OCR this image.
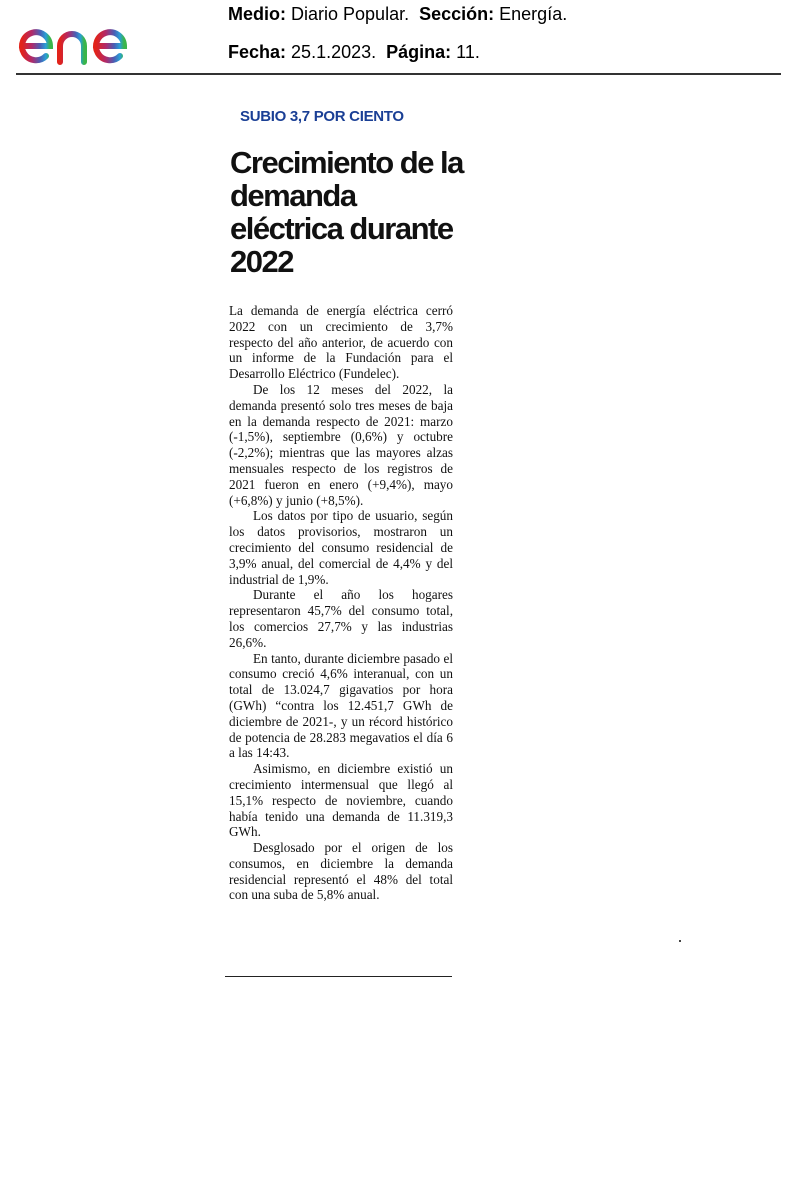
Medio: Diario Popular. Sección: Energía.
Fecha: 25.1.2023. Página: 11.
SUBIO 3,7 POR CIENTO
Crecimiento de la demanda eléctrica durante 2022

La demanda de energía eléctrica cerró 2022 con un crecimiento de 3,7% respecto del año anterior, de acuerdo con un informe de la Fundación para el Desarrollo Eléctrico (Fundelec).

De los 12 meses del 2022, la demanda presentó solo tres meses de baja en la demanda respecto de 2021: marzo (-1,5%), septiembre (0,6%) y octubre (-2,2%); mientras que las mayores alzas mensuales respecto de los registros de 2021 fueron en enero (+9,4%), mayo (+6,8%) y junio (+8,5%).

Los datos por tipo de usuario, según los datos provisorios, mostraron un crecimiento del consumo residencial de 3,9% anual, del comercial de 4,4% y del industrial de 1,9%.

Durante el año los hogares representaron 45,7% del consumo total, los comercios 27,7% y las industrias 26,6%.

En tanto, durante diciembre pasado el consumo creció 4,6% interanual, con un total de 13.024,7 gigavatios por hora (GWh) “contra los 12.451,7 GWh de diciembre de 2021-, y un récord histórico de potencia de 28.283 megavatios el día 6 a las 14:43.

Asimismo, en diciembre existió un crecimiento intermensual que llegó al 15,1% respecto de noviembre, cuando había tenido una demanda de 11.319,3 GWh.

Desglosado por el origen de los consumos, en diciembre la demanda residencial representó el 48% del total con una suba de 5,8% anual.
